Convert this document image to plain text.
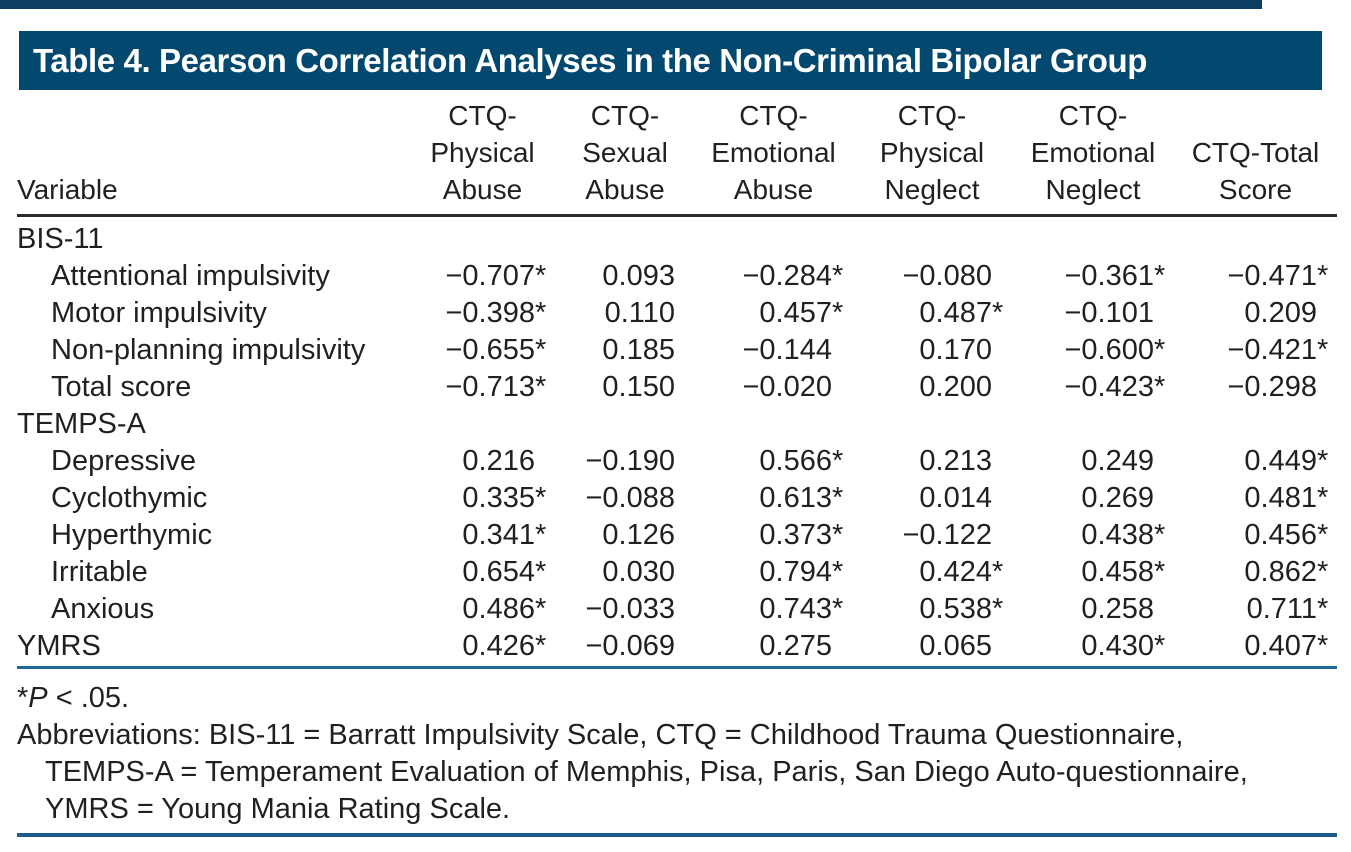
Table 4. Pearson Correlation Analyses in the Non-Criminal Bipolar Group
Variable	CTQ-Physical Abuse	CTQ-Sexual Abuse	CTQ-Emotional Abuse	CTQ-Physical Neglect	CTQ-Emotional Neglect	CTQ-Total Score
BIS-11						
Attentional impulsivity	−0.707*	0.093	−0.284*	−0.080	−0.361*	−0.471*
Motor impulsivity	−0.398*	0.110	0.457*	0.487*	−0.101	0.209
Non-planning impulsivity	−0.655*	0.185	−0.144	0.170	−0.600*	−0.421*
Total score	−0.713*	0.150	−0.020	0.200	−0.423*	−0.298
TEMPS-A						
Depressive	0.216	−0.190	0.566*	0.213	0.249	0.449*
Cyclothymic	0.335*	−0.088	0.613*	0.014	0.269	0.481*
Hyperthymic	0.341*	0.126	0.373*	−0.122	0.438*	0.456*
Irritable	0.654*	0.030	0.794*	0.424*	0.458*	0.862*
Anxious	0.486*	−0.033	0.743*	0.538*	0.258	0.711*
YMRS	0.426*	−0.069	0.275	0.065	0.430*	0.407*

*P < .05.

Abbreviations: BIS-11 = Barratt Impulsivity Scale, CTQ = Childhood Trauma Questionnaire,

TEMPS-A = Temperament Evaluation of Memphis, Pisa, Paris, San Diego Auto-questionnaire,

YMRS = Young Mania Rating Scale.
